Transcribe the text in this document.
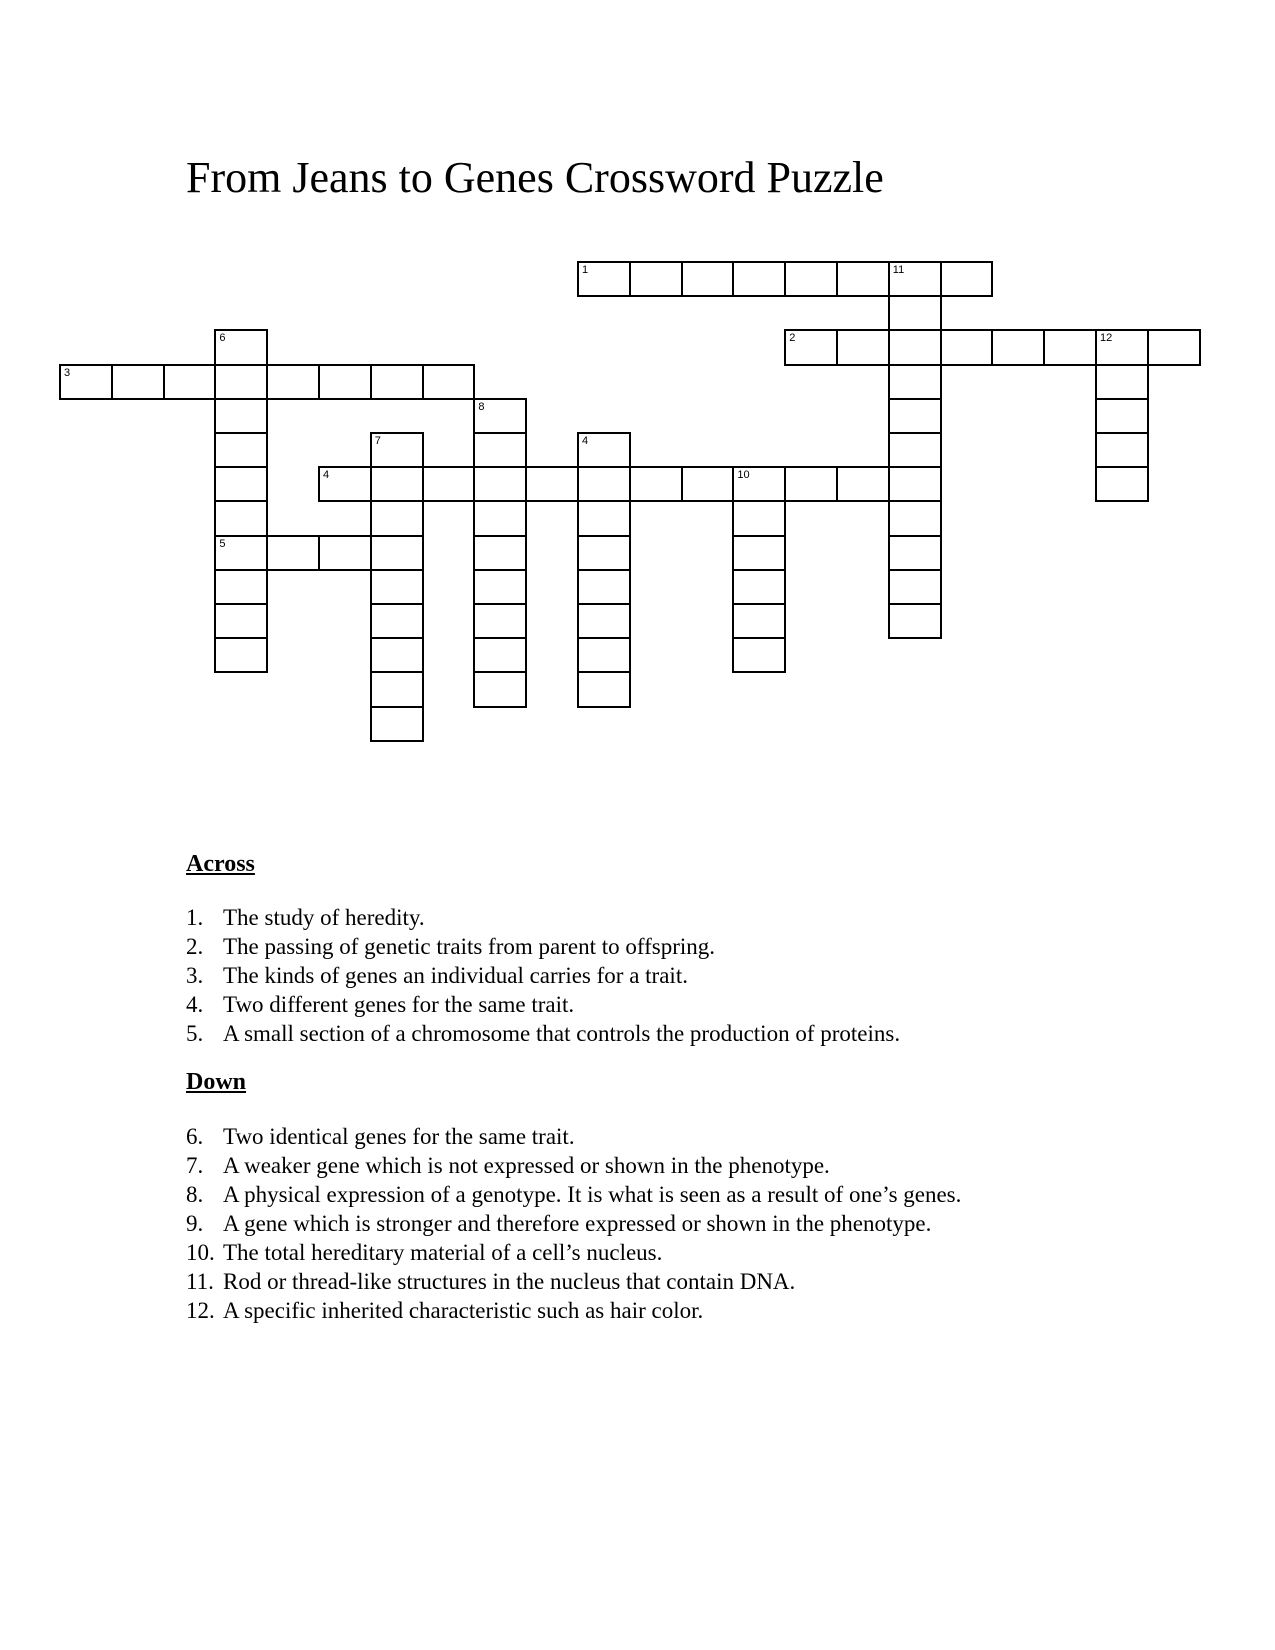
From Jeans to Genes Crossword Puzzle
1	11
2	12
3
4	10
5
6
7
8
4
Across
1. The study of heredity.
2. The passing of genetic traits from parent to offspring.
3. The kinds of genes an individual carries for a trait.
4. Two different genes for the same trait.
5. A small section of a chromosome that controls the production of proteins.
Down
6. Two identical genes for the same trait.
7. A weaker gene which is not expressed or shown in the phenotype.
8. A physical expression of a genotype. It is what is seen as a result of one’s genes.
9. A gene which is stronger and therefore expressed or shown in the phenotype.
10. The total hereditary material of a cell’s nucleus.
11. Rod or thread-like structures in the nucleus that contain DNA.
12. A specific inherited characteristic such as hair color.
